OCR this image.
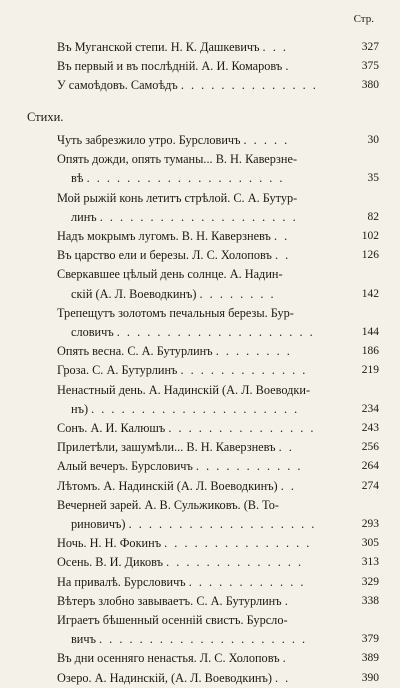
Стр.
Въ Муганской степи. Н. К. Дашкевичъ . . .	327
Въ первый и въ послѣдній. А. И. Комаровъ .	375
У самоѣдовъ. Самоѣдъ . . . . . . . . . . . . . .	380
Стихи.
Чуть забрезжило утро. Бурсловичъ . . . . .	30
Опять дожди, опять туманы... В. Н. Каверзне-
вѣ . . . . . . . . . . . . . . . . . . . .	35
Мой рыжій конь летитъ стрѣлой. С. А. Бутур-
линъ . . . . . . . . . . . . . . . . . . . .	82
Надъ мокрымъ лугомъ. В. Н. Каверзневъ . .	102
Въ царство ели и березы. Л. С. Холоповъ . .	126
Сверкавшее цѣлый день солнце. А. Надин-
скій (А. Л. Воеводкинъ) . . . . . . . .	142
Трепещутъ золотомъ печальныя березы. Бур-
словичъ . . . . . . . . . . . . . . . . . . . .	144
Опять весна. С. А. Бутурлинъ . . . . . . . .	186
Гроза. С. А. Бутурлинъ . . . . . . . . . . . . .	219
Ненастный день. А. Надинскій (А. Л. Воеводки-
нъ) . . . . . . . . . . . . . . . . . . . . .	234
Сонъ. А. И. Калюшъ . . . . . . . . . . . . . . .	243
Прилетѣли, зашумѣли... В. Н. Каверзневъ . .	256
Алый вечеръ. Бурсловичъ . . . . . . . . . . .	264
Лѣтомъ. А. Надинскій (А. Л. Воеводкинъ) . .	274
Вечерней зарей. А. В. Сульжиковъ. (В. То-
риновичъ) . . . . . . . . . . . . . . . . . . .	293
Ночь. Н. Н. Фокинъ . . . . . . . . . . . . . . .	305
Осень. В. И. Диковъ . . . . . . . . . . . . . .	313
На привалѣ. Бурсловичъ . . . . . . . . . . . .	329
Вѣтеръ злобно завываетъ. С. А. Бутурлинъ .	338
Играетъ бѣшенный осенній свистъ. Бурсло-
вичъ . . . . . . . . . . . . . . . . . . . . .	379
Въ дни осенняго ненастья. Л. С. Холоповъ .	389
Озеро. А. Надинскій, (А. Л. Воеводкинъ) . .	390
